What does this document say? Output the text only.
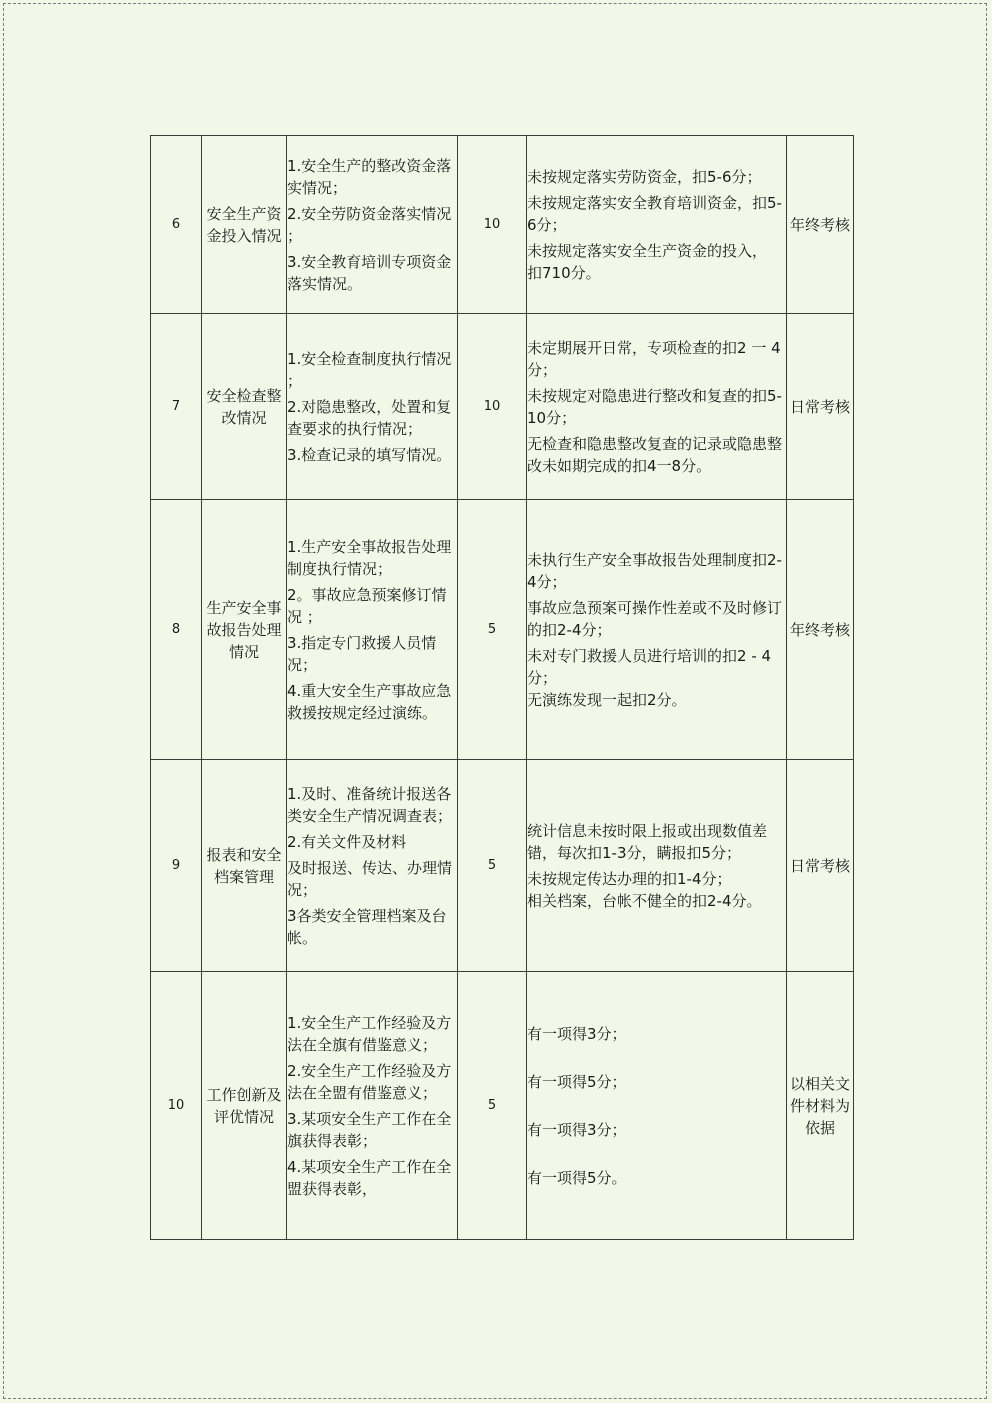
6	安全生产资金投入情况	1.安全生产的整改资金落实情况；
2.安全劳防资金落实情况 ；
3.安全教育培训专项资金落实情况。	10	未按规定落实劳防资金，扣5-6分；
未按规定落实安全教育培训资金，扣5-6分；
未按规定落实安全生产资金的投入， 扣710分。	年终考核
7	安全检查整改情况	1.安全检查制度执行情况 ；
2.对隐患整改，处置和复查要求的执行情况；
3.检查记录的填写情况。	10	未定期展开日常，专项检查的扣2 一 4分；
未按规定对隐患进行整改和复查的扣5-10分；
无检查和隐患整改复查的记录或隐患整改未如期完成的扣4一8分。	日常考核
8	生产安全事故报告处理情况	1.生产安全事故报告处理制度执行情况；
2。事故应急预案修订情况 ；
3.指定专门救援人员情况；
4.重大安全生产事故应急救援按规定经过演练。	5	未执行生产安全事故报告处理制度扣2-4分；
事故应急预案可操作性差或不及时修订的扣2-4分；
未对专门救援人员进行培训的扣2 - 4分；
无演练发现一起扣2分。	年终考核
9	报表和安全档案管理	1.及时、准备统计报送各类安全生产情况调查表；
2.有关文件及材料
及时报送、传达、办理情况；
3各类安全管理档案及台帐。	5	统计信息未按时限上报或出现数值差错，每次扣1-3分，瞒报扣5分；
未按规定传达办理的扣1-4分；
相关档案，台帐不健全的扣2-4分。	日常考核
10	工作创新及评优情况	1.安全生产工作经验及方法在全旗有借鉴意义；
2.安全生产工作经验及方法在全盟有借鉴意义；
3.某项安全生产工作在全旗获得表彰；
4.某项安全生产工作在全盟获得表彰，	5	有一项得3分；
有一项得5分；
有一项得3分；
有一项得5分。	以相关文件材料为依据
